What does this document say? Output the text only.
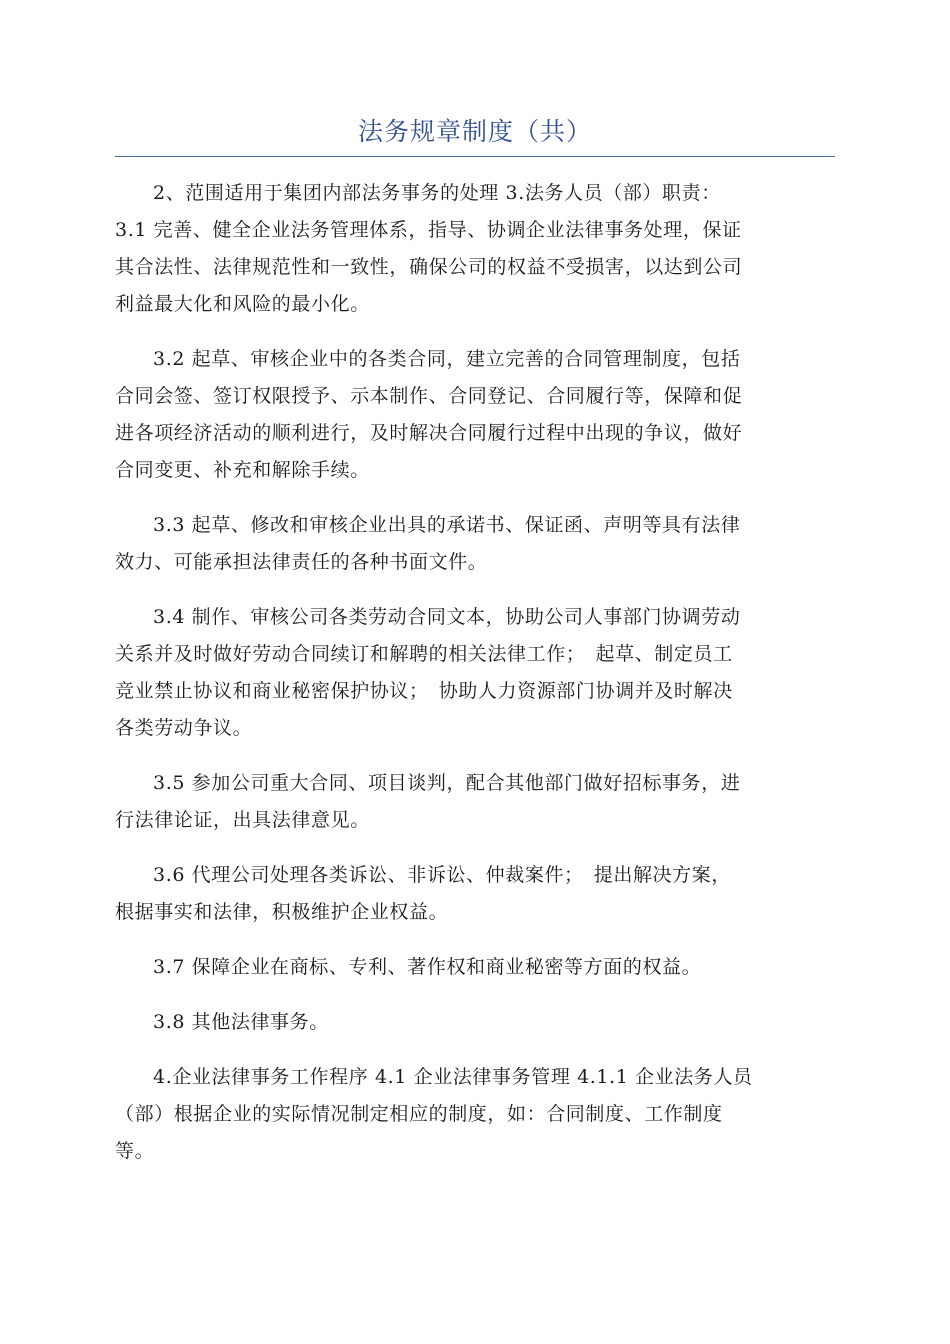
法务规章制度（共）

2、范围适用于集团内部法务事务的处理 3.法务人员（部）职责：
3.1 完善、健全企业法务管理体系，指导、协调企业法律事务处理，保证
其合法性、法律规范性和一致性，确保公司的权益不受损害，以达到公司
利益最大化和风险的最小化。

3.2 起草、审核企业中的各类合同，建立完善的合同管理制度，包括
合同会签、签订权限授予、示本制作、合同登记、合同履行等，保障和促
进各项经济活动的顺利进行，及时解决合同履行过程中出现的争议，做好
合同变更、补充和解除手续。

3.3 起草、修改和审核企业出具的承诺书、保证函、声明等具有法律
效力、可能承担法律责任的各种书面文件。

3.4 制作、审核公司各类劳动合同文本，协助公司人事部门协调劳动
关系并及时做好劳动合同续订和解聘的相关法律工作；　起草、制定员工
竞业禁止协议和商业秘密保护协议；　协助人力资源部门协调并及时解决
各类劳动争议。

3.5 参加公司重大合同、项目谈判，配合其他部门做好招标事务，进
行法律论证，出具法律意见。

3.6 代理公司处理各类诉讼、非诉讼、仲裁案件；　提出解决方案，
根据事实和法律，积极维护企业权益。

3.7 保障企业在商标、专利、著作权和商业秘密等方面的权益。

3.8 其他法律事务。

4.企业法律事务工作程序 4.1 企业法律事务管理 4.1.1 企业法务人员
（部）根据企业的实际情况制定相应的制度，如：合同制度、工作制度
等。
